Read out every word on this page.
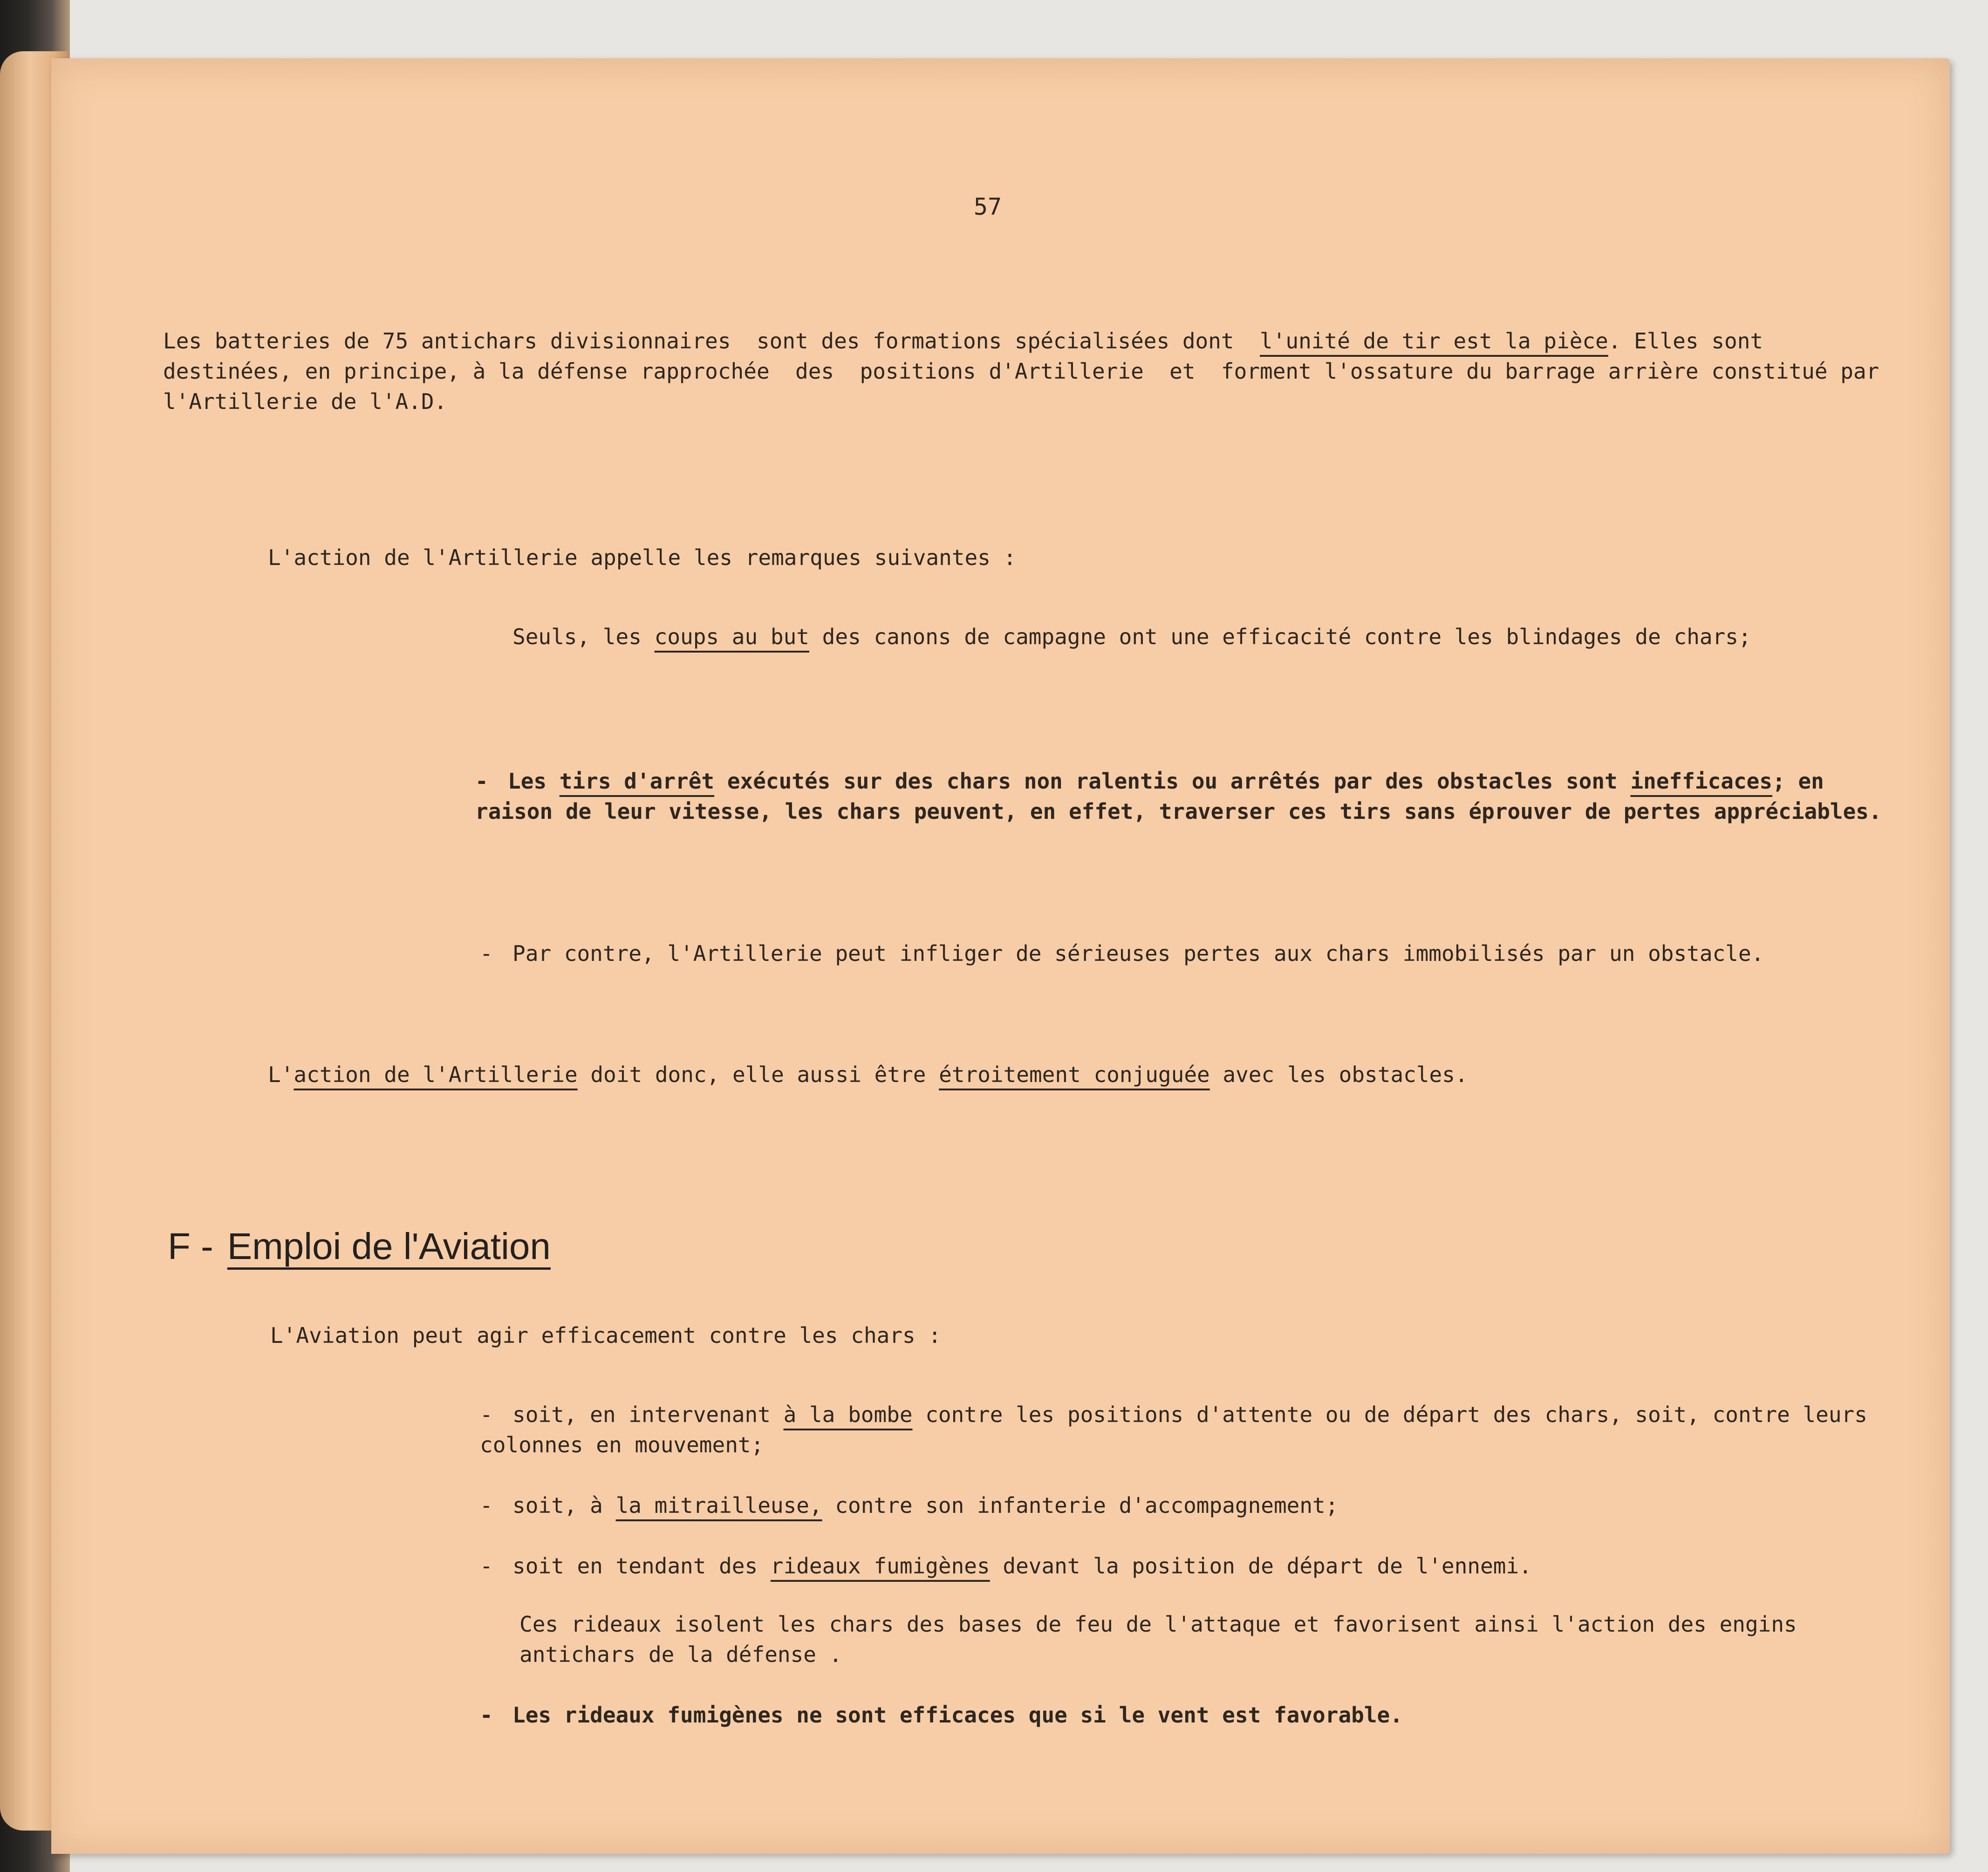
57
Les batteries de 75 antichars divisionnaires  sont des formations spécialisées dont  l'unité de tir est la pièce. Elles sont destinées, en principe, à la défense rapprochée  des  positions d'Artillerie  et  forment l'ossature du barrage arrière constitué par l'Artillerie de l'A.D.
L'action de l'Artillerie appelle les remarques suivantes :
Seuls, les coups au but des canons de campagne ont une efficacité contre les blindages de chars;
- Les tirs d'arrêt exécutés sur des chars non ralentis ou arrêtés par des obstacles sont inefficaces; en raison de leur vitesse, les chars peuvent, en effet, traverser ces tirs sans éprouver de pertes appréciables.
- Par contre, l'Artillerie peut infliger de sérieuses pertes aux chars immobilisés par un obstacle.
L'action de l'Artillerie doit donc, elle aussi être étroitement conjuguée avec les obstacles.
F - Emploi de l'Aviation
L'Aviation peut agir efficacement contre les chars :
- soit, en intervenant à la bombe contre les positions d'attente ou de départ des chars, soit, contre leurs colonnes en mouvement;
- soit, à la mitrailleuse, contre son infanterie d'accompagnement;
- soit en tendant des rideaux fumigènes devant la position de départ de l'ennemi.
Ces rideaux isolent les chars des bases de feu de l'attaque et favorisent ainsi l'action des engins antichars de la défense .
- Les rideaux fumigènes ne sont efficaces que si le vent est favorable.
